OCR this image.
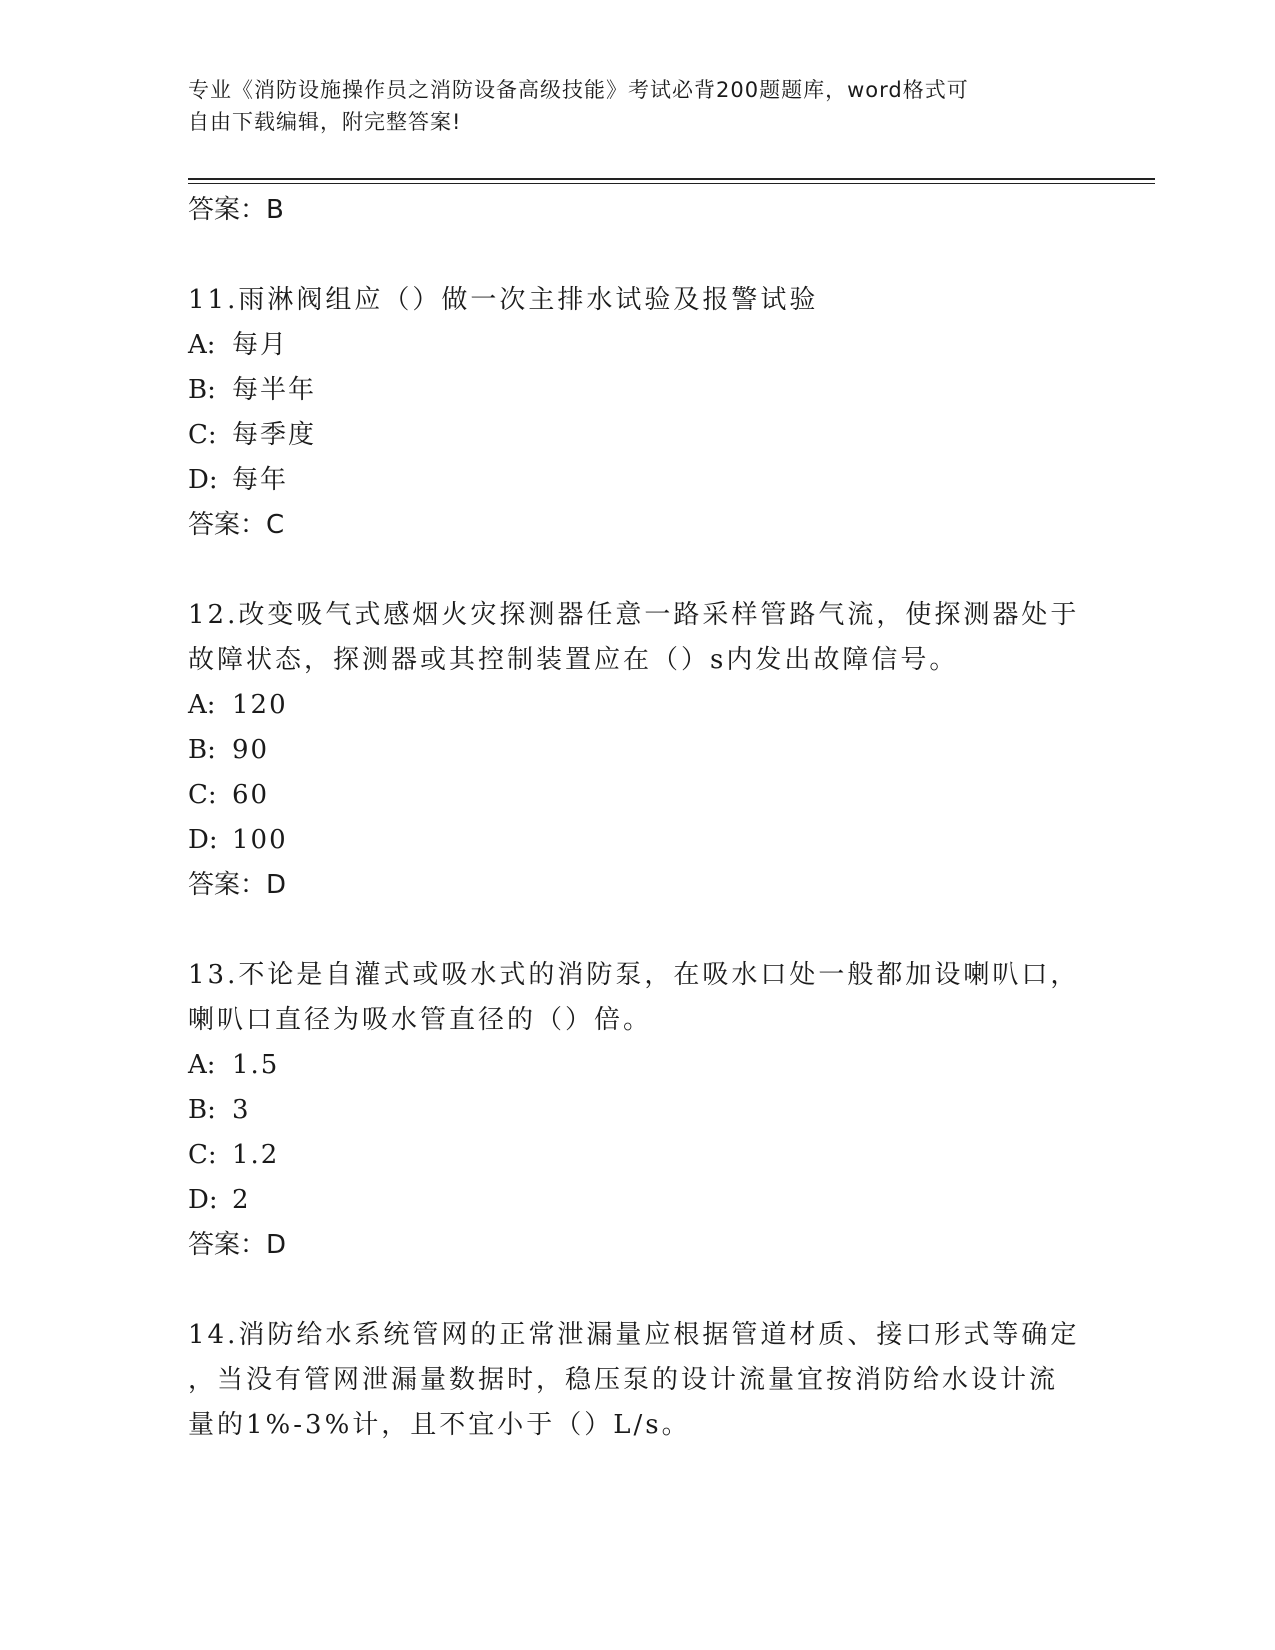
专业《消防设施操作员之消防设备高级技能》考试必背200题题库，word格式可
自由下载编辑，附完整答案!
答案：B
11.雨淋阀组应（）做一次主排水试验及报警试验
A: 每月
B: 每半年
C: 每季度
D: 每年
答案：C
12.改变吸气式感烟火灾探测器任意一路采样管路气流，使探测器处于
故障状态，探测器或其控制装置应在（）s内发出故障信号。
A: 120
B: 90
C: 60
D: 100
答案：D
13.不论是自灌式或吸水式的消防泵，在吸水口处一般都加设喇叭口，
喇叭口直径为吸水管直径的（）倍。
A: 1.5
B: 3
C: 1.2
D: 2
答案：D
14.消防给水系统管网的正常泄漏量应根据管道材质、接口形式等确定
，当没有管网泄漏量数据时，稳压泵的设计流量宜按消防给水设计流
量的1%-3%计，且不宜小于（）L/s。
